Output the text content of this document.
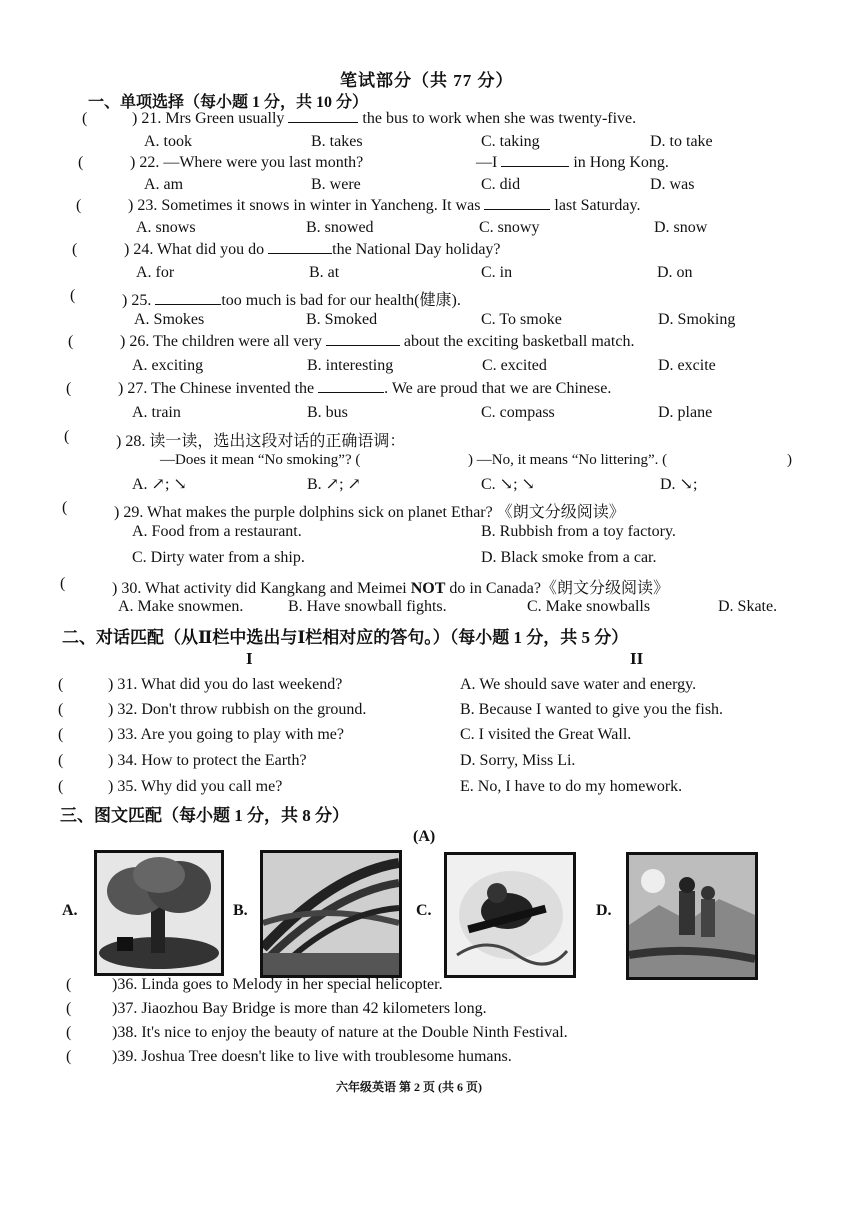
笔试部分（共 77 分）
一、单项选择（每小题 1 分，共 10 分）
(	) 21. Mrs Green usually	the bus to work when she was twenty-five.
A. took	B. takes	C. taking	D. to take
(	) 22. —Where were you last month?	—I	in Hong Kong.
A. am	B. were	C. did	D. was
(	) 23. Sometimes it snows in winter in Yancheng. It was	last Saturday.
A. snows	B. snowed	C. snowy	D. snow
(	) 24. What did you do	the National Day holiday?
A. for	B. at	C. in	D. on
(	) 25.	too much is bad for our health(健康).
A. Smokes	B. Smoked	C. To smoke	D. Smoking
(	) 26. The children were all very	about the exciting basketball match.
A. exciting	B. interesting	C. excited	D. excite
(	) 27. The Chinese invented the	. We are proud that we are Chinese.
A. train	B. bus	C. compass	D. plane
(	) 28. 读一读，选出这段对话的正确语调：
—Does it mean “No smoking”? (	) —No, it means “No littering”. (	)
A. ↗; ↘	B. ↗; ↗	C. ↘; ↘	D. ↘;
(	) 29. What makes the purple dolphins sick on planet Ethar? 《朗文分级阅读》
A. Food from a restaurant.	B. Rubbish from a toy factory.
C. Dirty water from a ship.	D. Black smoke from a car.
(	) 30. What activity did Kangkang and Meimei NOT do in Canada?《朗文分级阅读》
A. Make snowmen.	B. Have snowball fights.	C. Make snowballs	D. Skate.
二、对话匹配（从Ⅱ栏中选出与Ⅰ栏相对应的答句。）（每小题 1 分，共 5 分）
I	II
(	) 31. What did you do last weekend?	A. We should save water and energy.
(	) 32. Don't throw rubbish on the ground.	B. Because I wanted to give you the fish.
(	) 33. Are you going to play with me?	C. I visited the Great Wall.
(	) 34. How to protect the Earth?	D. Sorry, Miss Li.
(	) 35. Why did you call me?	E. No, I have to do my homework.
三、图文匹配（每小题 1 分，共 8 分）
(A)
A.	B.	C.	D.
(	)36. Linda goes to Melody in her special helicopter.
(	)37. Jiaozhou Bay Bridge is more than 42 kilometers long.
(	)38. It's nice to enjoy the beauty of nature at the Double Ninth Festival.
(	)39. Joshua Tree doesn't like to live with troublesome humans.
六年级英语 第 2 页 (共 6 页)
